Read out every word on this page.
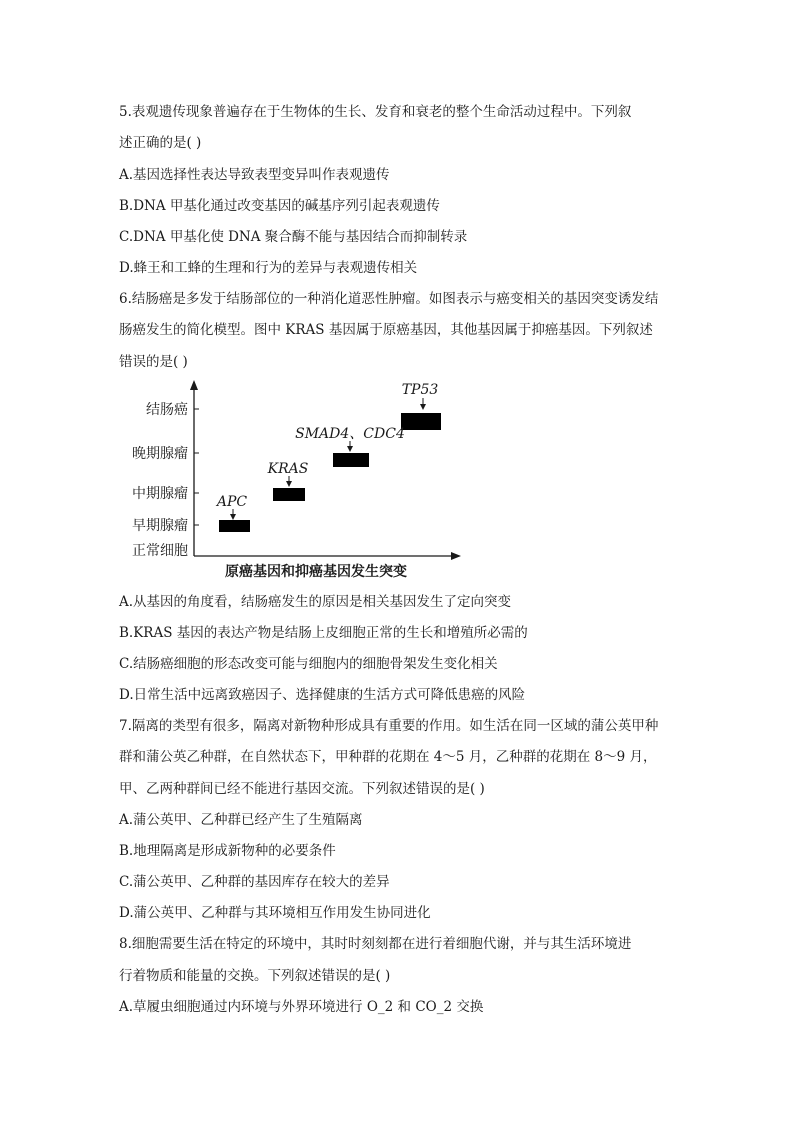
5.表观遗传现象普遍存在于生物体的生长、发育和衰老的整个生命活动过程中。下列叙
述正确的是( )
A.基因选择性表达导致表型变异叫作表观遗传
B.DNA 甲基化通过改变基因的碱基序列引起表观遗传
C.DNA 甲基化使 DNA 聚合酶不能与基因结合而抑制转录
D.蜂王和工蜂的生理和行为的差异与表观遗传相关
6.结肠癌是多发于结肠部位的一种消化道恶性肿瘤。如图表示与癌变相关的基因突变诱发结
肠癌发生的简化模型。图中 KRAS 基因属于原癌基因，其他基因属于抑癌基因。下列叙述
错误的是( )
结肠癌
晚期腺瘤
中期腺瘤
早期腺瘤
正常细胞
APC
KRAS
SMAD4、CDC4
TP53
原癌基因和抑癌基因发生突变
A.从基因的角度看，结肠癌发生的原因是相关基因发生了定向突变
B.KRAS 基因的表达产物是结肠上皮细胞正常的生长和增殖所必需的
C.结肠癌细胞的形态改变可能与细胞内的细胞骨架发生变化相关
D.日常生活中远离致癌因子、选择健康的生活方式可降低患癌的风险
7.隔离的类型有很多，隔离对新物种形成具有重要的作用。如生活在同一区域的蒲公英甲种
群和蒲公英乙种群，在自然状态下，甲种群的花期在 4～5 月，乙种群的花期在 8～9 月，
甲、乙两种群间已经不能进行基因交流。下列叙述错误的是( )
A.蒲公英甲、乙种群已经产生了生殖隔离
B.地理隔离是形成新物种的必要条件
C.蒲公英甲、乙种群的基因库存在较大的差异
D.蒲公英甲、乙种群与其环境相互作用发生协同进化
8.细胞需要生活在特定的环境中，其时时刻刻都在进行着细胞代谢，并与其生活环境进
行着物质和能量的交换。下列叙述错误的是( )
A.草履虫细胞通过内环境与外界环境进行 O_2 和 CO_2 交换
